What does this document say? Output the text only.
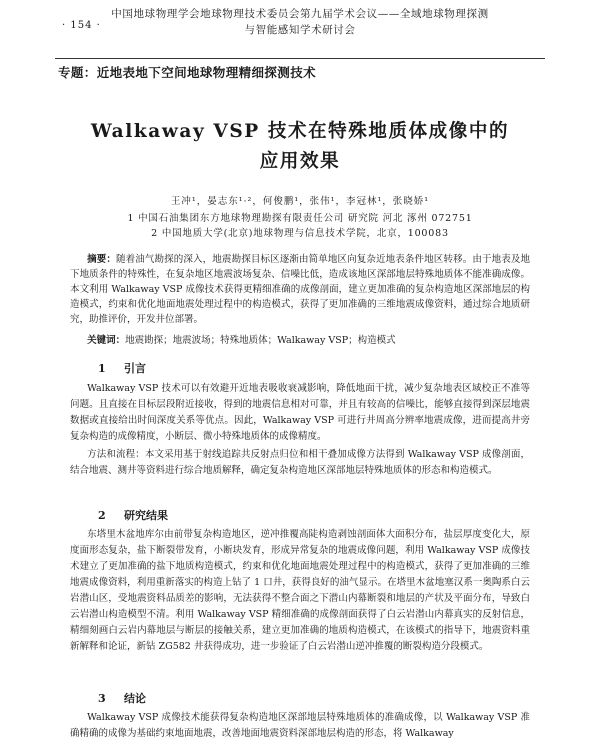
中国地球物理学会地球物理技术委员会第九届学术会议——全域地球物理探测
与智能感知学术研讨会
· 154 ·
专题：近地表地下空间地球物理精细探测技术
Walkaway VSP 技术在特殊地质体成像中的
应用效果
王冲¹，晏志东¹·²，何俊鹏¹，张伟¹，李冠林¹，张晓娇¹
1 中国石油集团东方地球物理勘探有限责任公司 研究院 河北 涿州 072751
2 中国地质大学(北京)地球物理与信息技术学院，北京，100083

摘要：随着油气勘探的深入，地震勘探目标区逐渐由简单地区向复杂近地表条件地区转移。由于地表及地下地质条件的特殊性，在复杂地区地震波场复杂、信噪比低，造成该地区深部地层特殊地质体不能准确成像。本文利用 Walkaway VSP 成像技术获得更精细准确的成像剖面，建立更加准确的复杂构造地区深部地层的构造模式，约束和优化地面地震处理过程中的构造模式，获得了更加准确的三维地震成像资料，通过综合地质研究，助推评价，开发井位部署。

关键词：地震勘探；地震波场；特殊地质体；Walkaway VSP；构造模式

1 引言

Walkaway VSP 技术可以有效避开近地表吸收衰减影响，降低地面干扰，减少复杂地表区域校正不准等问题。且直接在目标层段附近接收，得到的地震信息相对可靠，并且有较高的信噪比，能够直接得到深层地震数据或直接给出时间深度关系等优点。因此，Walkaway VSP 可进行井周高分辨率地震成像，进而提高井旁复杂构造的成像精度，小断层、微小特殊地质体的成像精度。

方法和流程：本文采用基于射线追踪共反射点归位和相干叠加成像方法得到 Walkaway VSP 成像剖面，结合地震、测井等资料进行综合地质解释，确定复杂构造地区深部地层特殊地质体的形态和构造模式。

2 研究结果

东塔里木盆地库尔由前带复杂构造地区，逆冲推覆高陡构造剥蚀剖面体大面积分布，盐层厚度变化大，原度面形态复杂，盐下断裂带发育，小断块发育，形成异常复杂的地震成像问题，利用 Walkaway VSP 成像技术建立了更加准确的盐下地质构造模式，约束和优化地面地震处理过程中的构造模式，获得了更加准确的三维地震成像资料，利用重新落实的构造上钻了 1 口井，获得良好的油气显示。在塔里木盆地塞汉系一奥陶系白云岩潜山区，受地震资料品质差的影响，无法获得不整合面之下潜山内幕断裂和地层的产状及平面分布，导致白云岩潜山构造模型不清。利用 Walkaway VSP 精细准确的成像剖面获得了白云岩潜山内幕真实的反射信息，精细刻画白云岩内幕地层与断层的接触关系，建立更加准确的地质构造模式，在该模式的指导下，地震资料重新解释和论证，新钻 ZG582 井获得成功，进一步验证了白云岩潜山逆冲推覆的断裂构造分段模式。

3 结论

Walkaway VSP 成像技术能获得复杂构造地区深部地层特殊地质体的准确成像，以 Walkaway VSP 准确精确的成像为基础约束地面地震，改善地面地震资料深部地层构造的形态，将 Walkaway
